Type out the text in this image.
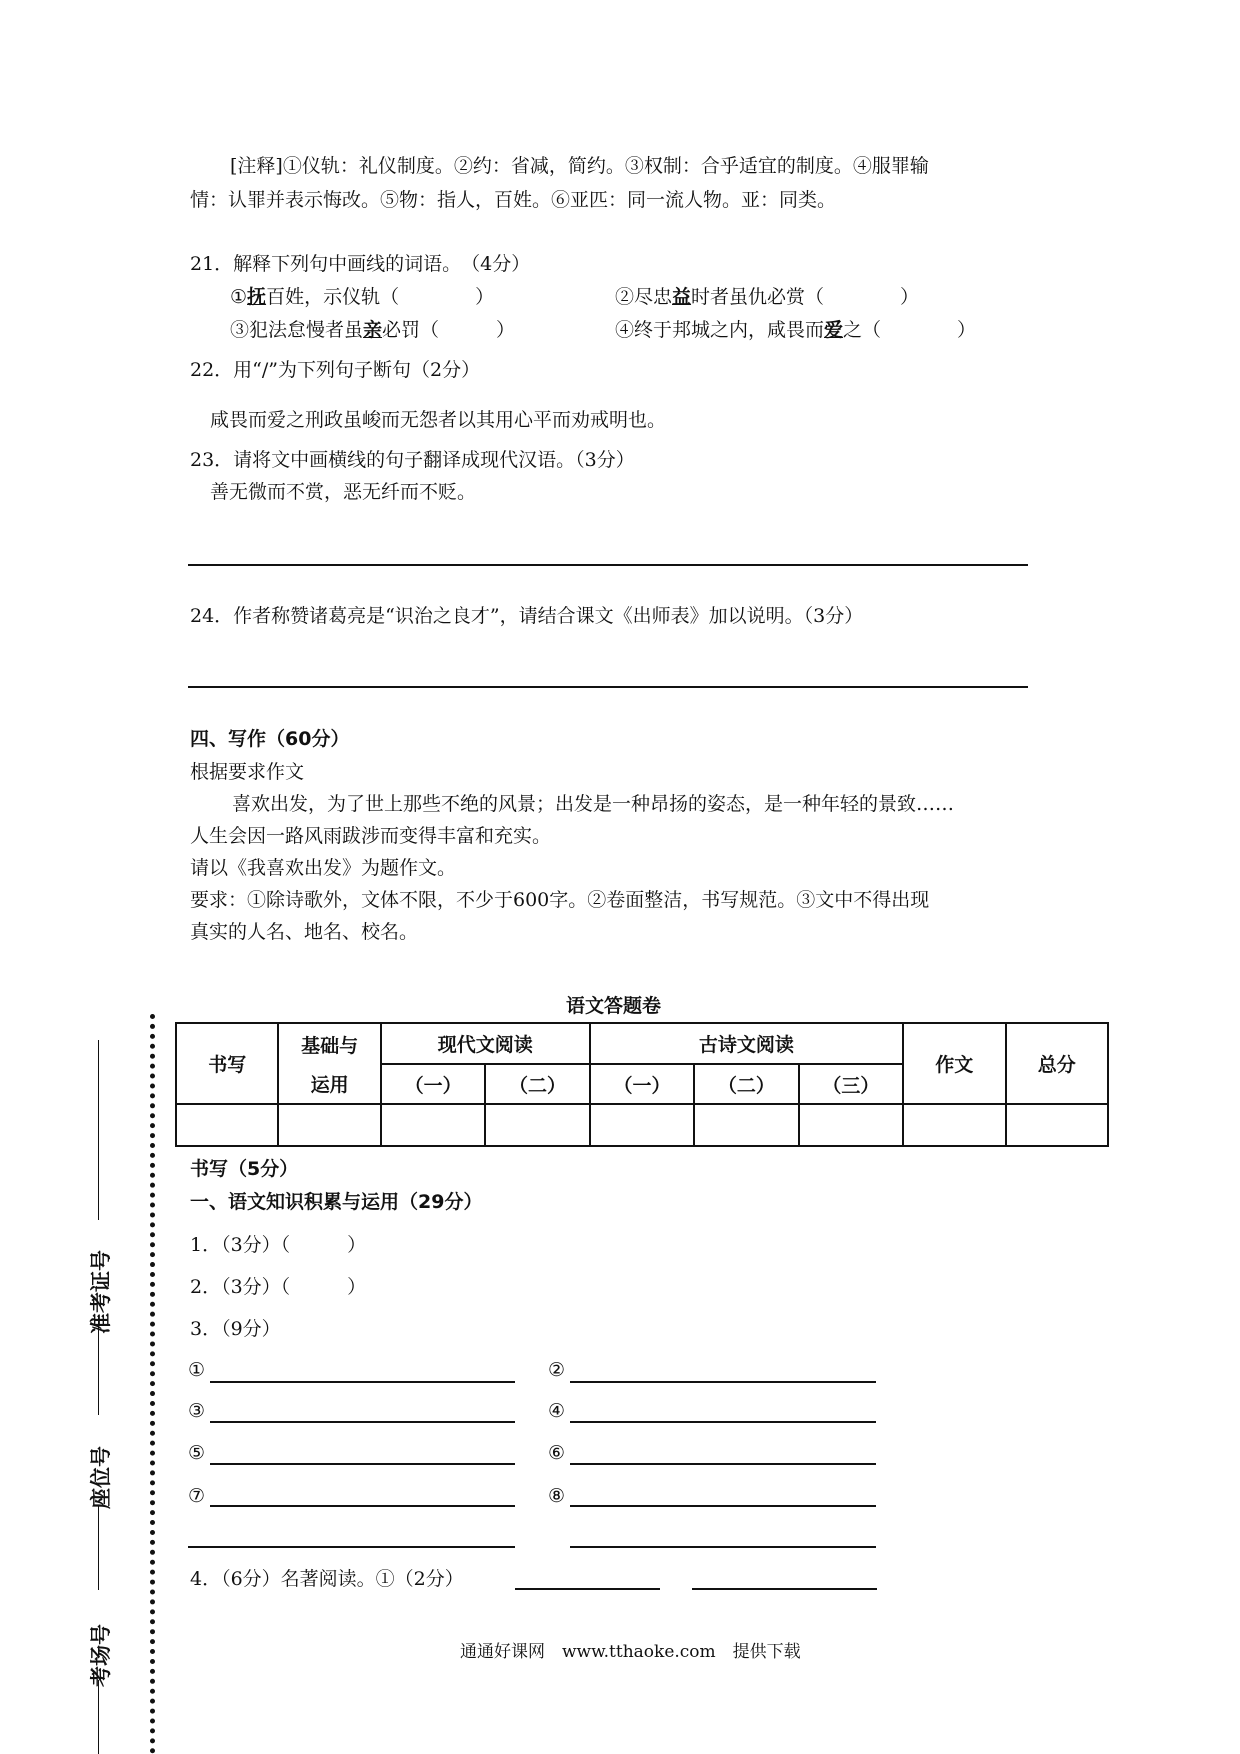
[注释]①仪轨：礼仪制度。②约：省减，简约。③权制：合乎适宜的制度。④服罪输
情：认罪并表示悔改。⑤物：指人，百姓。⑥亚匹：同一流人物。亚：同类。
21．解释下列句中画线的词语。　（4分）
①抚百姓，示仪轨（　　　　）	②尽忠益时者虽仇必赏（　　　　）
③犯法怠慢者虽亲必罚（　　　）	④终于邦城之内，咸畏而爱之（　　　　）
22．用“/”为下列句子断句（2分）
咸畏而爱之刑政虽峻而无怨者以其用心平而劝戒明也。
23．请将文中画横线的句子翻译成现代汉语。（3分）
善无微而不赏，恶无纤而不贬。
24．作者称赞诸葛亮是“识治之良才”，请结合课文《出师表》加以说明。（3分）
四、写作（60分）
根据要求作文
喜欢出发，为了世上那些不绝的风景；出发是一种昂扬的姿态，是一种年轻的景致……
人生会因一路风雨跋涉而变得丰富和充实。
请以《我喜欢出发》为题作文。
要求：①除诗歌外，文体不限，不少于600字。②卷面整洁，书写规范。③文中不得出现
真实的人名、地名、校名。
语文答题卷
书写	基础与	现代文阅读		古诗文阅读			作文	总分
	运用	（一）	（二）	（一）	（二）	（三）		

书写（5分）
一、语文知识积累与运用（29分）
1．（3分）（　　　）
2．（3分）（　　　）
3．（9分）
①	②
③	④
⑤	⑥
⑦	⑧
4．（6分）名著阅读。①（2分）
通通好课网　www.tthaoke.com　提供下载
准考证号
座位号
考场号
